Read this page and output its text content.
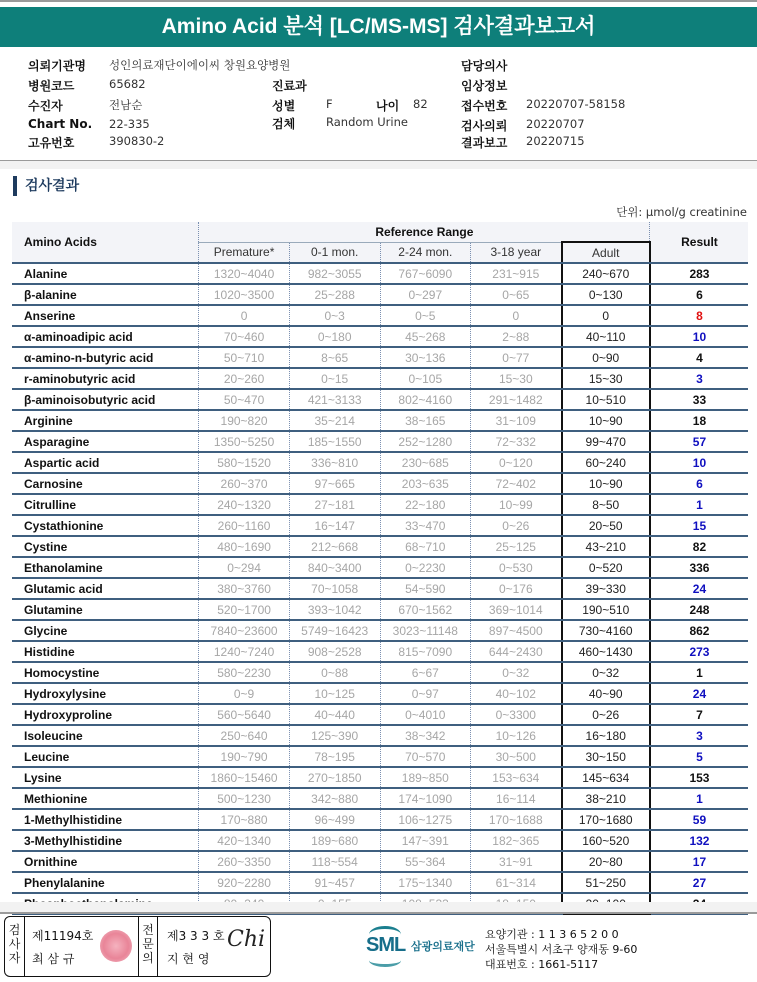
Amino Acid 분석 [LC/MS-MS] 검사결과보고서
의뢰기관명 성인의료재단이에이씨 창원요양병원
병원코드	65682
수진자	전남순
Chart No. 22-335
고유번호	390830-2
진료과
성별	F	나이 82
검체	Random Urine
담당의사
임상정보
접수번호 20220707-58158
검사의뢰 20220707
결과보고 20220715
검사결과
단위: μmol/g creatinine
Amino Acids	Reference Range					Result
	Premature*	0-1 mon.	2-24 mon.	3-18 year	Adult	
Alanine	1320~4040	982~3055	767~6090	231~915	240~670	283
β-alanine	1020~3500	25~288	0~297	0~65	0~130	6
Anserine	0	0~3	0~5	0	0	8
α-aminoadipic acid	70~460	0~180	45~268	2~88	40~110	10
α-amino-n-butyric acid	50~710	8~65	30~136	0~77	0~90	4
r-aminobutyric acid	20~260	0~15	0~105	15~30	15~30	3
β-aminoisobutyric acid	50~470	421~3133	802~4160	291~1482	10~510	33
Arginine	190~820	35~214	38~165	31~109	10~90	18
Asparagine	1350~5250	185~1550	252~1280	72~332	99~470	57
Aspartic acid	580~1520	336~810	230~685	0~120	60~240	10
Carnosine	260~370	97~665	203~635	72~402	10~90	6
Citrulline	240~1320	27~181	22~180	10~99	8~50	1
Cystathionine	260~1160	16~147	33~470	0~26	20~50	15
Cystine	480~1690	212~668	68~710	25~125	43~210	82
Ethanolamine	0~294	840~3400	0~2230	0~530	0~520	336
Glutamic acid	380~3760	70~1058	54~590	0~176	39~330	24
Glutamine	520~1700	393~1042	670~1562	369~1014	190~510	248
Glycine	7840~23600	5749~16423	3023~11148	897~4500	730~4160	862
Histidine	1240~7240	908~2528	815~7090	644~2430	460~1430	273
Homocystine	580~2230	0~88	6~67	0~32	0~32	1
Hydroxylysine	0~9	10~125	0~97	40~102	40~90	24
Hydroxyproline	560~5640	40~440	0~4010	0~3300	0~26	7
Isoleucine	250~640	125~390	38~342	10~126	16~180	3
Leucine	190~790	78~195	70~570	30~500	30~150	5
Lysine	1860~15460	270~1850	189~850	153~634	145~634	153
Methionine	500~1230	342~880	174~1090	16~114	38~210	1
1-Methylhistidine	170~880	96~499	106~1275	170~1688	170~1680	59
3-Methylhistidine	420~1340	189~680	147~391	182~365	160~520	132
Ornithine	260~3350	118~554	55~364	31~91	20~80	17
Phenylalanine	920~2280	91~457	175~1340	61~314	51~250	27

검
사
자
제11194호
최 삼 규
전
문
의
제3 3 3 호
지 현 영
Chi	SML 삼광의료재단
요양기관 : 1 1 3 6 5 2 0 0
서울특별시 서초구 양재동 9-60
대표번호 : 1661-5117
